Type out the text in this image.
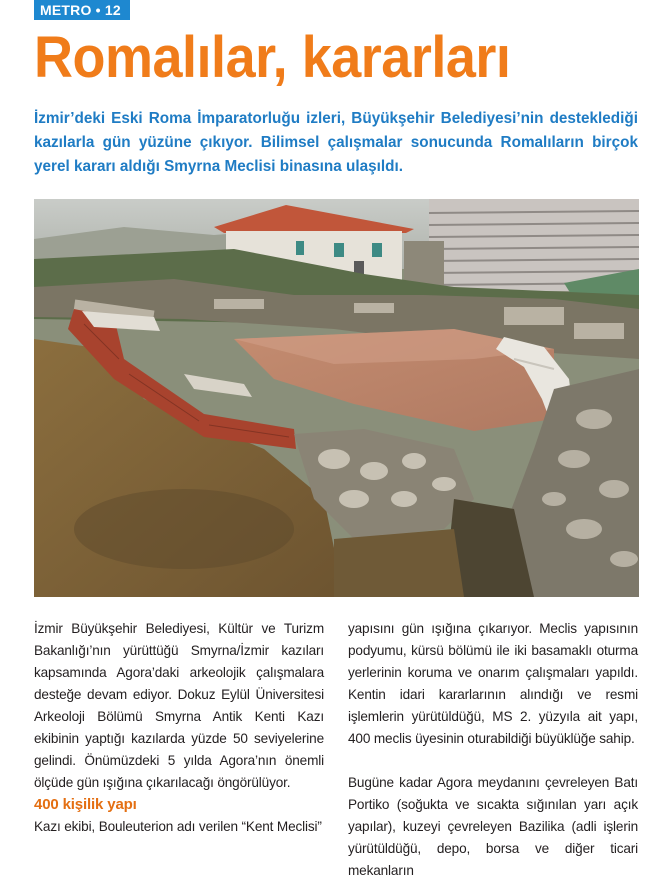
METRO • 12
Romalılar, kararları

İzmir’deki Eski Roma İmparatorluğu izleri, Büyükşehir Belediyesi’nin desteklediği kazılarla gün yüzüne çıkıyor. Bilimsel çalışmalar sonucunda Romalıların birçok yerel kararı aldığı Smyrna Meclisi binasına ulaşıldı.

İzmir Büyükşehir Belediyesi, Kültür ve Turizm Bakanlığı’nın yürüttüğü Smyrna/İzmir kazıları kapsamında Agora’daki arkeolojik çalışmalara desteğe devam ediyor. Dokuz Eylül Üniversitesi Arkeoloji Bölümü Smyrna Antik Kenti Kazı ekibinin yaptığı kazılarda yüzde 50 seviyelerine gelindi. Önümüzdeki 5 yılda Agora’nın önemli ölçüde gün ışığına çıkarılacağı öngörülüyor.

400 kişilik yapı

Kazı ekibi, Bouleuterion adı verilen “Kent Meclisi”

yapısını gün ışığına çıkarıyor. Meclis yapısının podyumu, kürsü bölümü ile iki basamaklı oturma yerlerinin koruma ve onarım çalışmaları yapıldı. Kentin idari kararlarının alındığı ve resmi işlemlerin yürütüldüğü, MS 2. yüzyıla ait yapı, 400 meclis üyesinin oturabildiği büyüklüğe sahip.

Bugüne kadar Agora meydanını çevreleyen Batı Portiko (soğukta ve sıcakta sığınılan yarı açık yapılar), kuzeyi çevreleyen Bazilika (adli işlerin yürütüldüğü, depo, borsa ve diğer ticari mekanların
